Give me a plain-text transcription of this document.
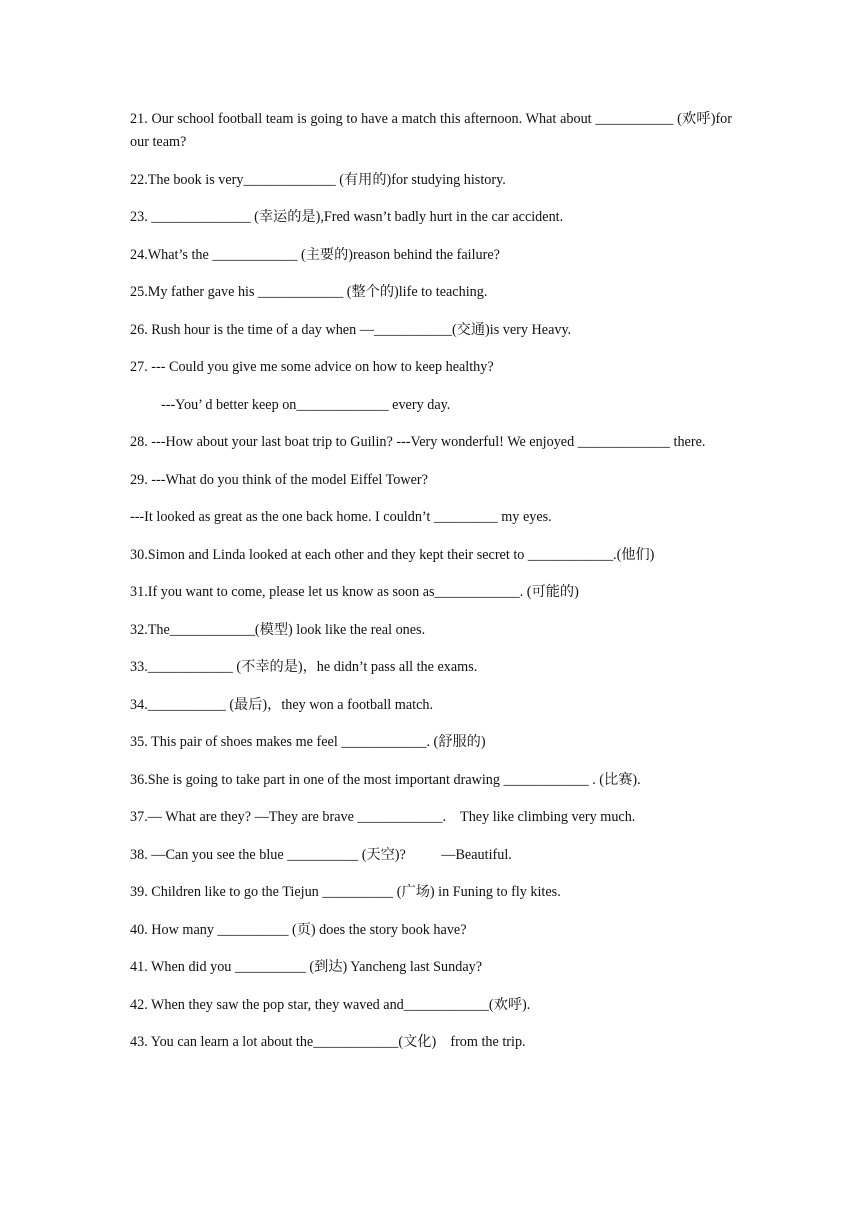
21. Our school football team is going to have a match this afternoon. What about ___________ (欢呼)for our team?

22.The book is very_____________ (有用的)for studying history.

23. ______________ (幸运的是),Fred wasn’t badly hurt in the car accident.

24.What’s the ____________ (主要的)reason behind the failure?

25.My father gave his ____________ (整个的)life to teaching.

26. Rush hour is the time of a day when —___________(交通)is very Heavy.

27. --- Could you give me some advice on how to keep healthy?

---You’ d better keep on_____________ every day.

28. ---How about your last boat trip to Guilin? ---Very wonderful! We enjoyed _____________ there.

29. ---What do you think of the model Eiffel Tower?

---It looked as great as the one back home. I couldn’t _________ my eyes.

30.Simon and Linda looked at each other and they kept their secret to ____________.(他们)

31.If you want to come, please let us know as soon as____________. (可能的)

32.The____________(模型) look like the real ones.

33.____________ (不幸的是)，he didn’t pass all the exams.

34.___________ (最后)，they won a football match.

35. This pair of shoes makes me feel ____________. (舒服的)

36.She is going to take part in one of the most important drawing ____________ . (比赛).

37.— What are they? —They are brave ____________.    They like climbing very much.

38. —Can you see the blue __________ (天空)?          —Beautiful.

39. Children like to go the Tiejun __________ (广场) in Funing to fly kites.

40. How many __________ (页) does the story book have?

41. When did you __________ (到达) Yancheng last Sunday?

42. When they saw the pop star, they waved and____________(欢呼).

43. You can learn a lot about the____________(文化)    from the trip.
